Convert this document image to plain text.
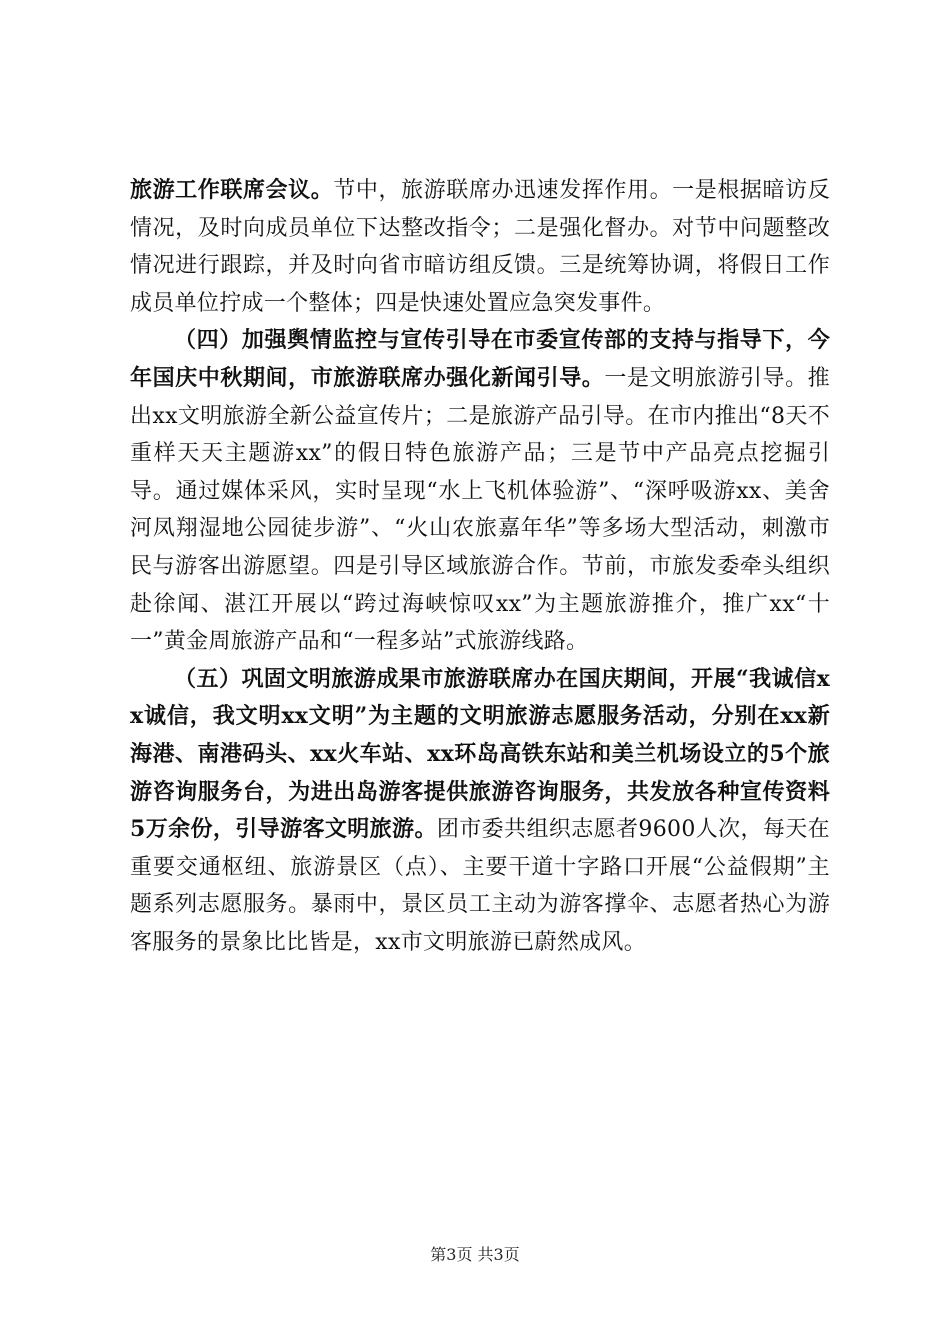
旅游工作联席会议。节中，旅游联席办迅速发挥作用。一是根据暗访反情况，及时向成员单位下达整改指令；二是强化督办。对节中问题整改情况进行跟踪，并及时向省市暗访组反馈。三是统筹协调，将假日工作成员单位拧成一个整体；四是快速处置应急突发事件。

（四）加强舆情监控与宣传引导在市委宣传部的支持与指导下，今年国庆中秋期间，市旅游联席办强化新闻引导。一是文明旅游引导。推出xx文明旅游全新公益宣传片；二是旅游产品引导。在市内推出“8天不重样天天主题游xx”的假日特色旅游产品；三是节中产品亮点挖掘引导。通过媒体采风，实时呈现“水上飞机体验游”、“深呼吸游xx、美舍河凤翔湿地公园徒步游”、“火山农旅嘉年华”等多场大型活动，刺激市民与游客出游愿望。四是引导区域旅游合作。节前，市旅发委牵头组织赴徐闻、湛江开展以“跨过海峡惊叹xx”为主题旅游推介，推广xx“十一”黄金周旅游产品和“一程多站”式旅游线路。

（五）巩固文明旅游成果市旅游联席办在国庆期间，开展“我诚信xx诚信，我文明xx文明”为主题的文明旅游志愿服务活动，分别在xx新海港、南港码头、xx火车站、xx环岛高铁东站和美兰机场设立的5个旅游咨询服务台，为进出岛游客提供旅游咨询服务，共发放各种宣传资料5万余份，引导游客文明旅游。团市委共组织志愿者9600人次，每天在重要交通枢纽、旅游景区（点）、主要干道十字路口开展“公益假期”主题系列志愿服务。暴雨中，景区员工主动为游客撑伞、志愿者热心为游客服务的景象比比皆是，xx市文明旅游已蔚然成风。

第3页 共3页
